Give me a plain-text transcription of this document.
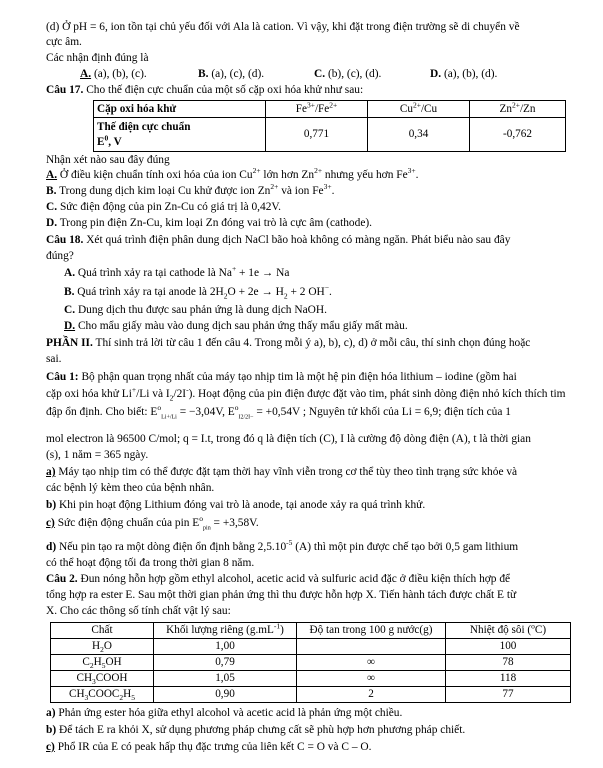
(d) Ở pH = 6, ion tồn tại chủ yếu đối với Ala là cation. Vì vậy, khi đặt trong điện trường sẽ di chuyển về
cực âm.
Các nhận định đúng là
A. (a), (b), (c).	B. (a), (c), (d).	C. (b), (c), (d).	D. (a), (b), (d).
Câu 17. Cho thế điện cực chuẩn của một số cặp oxi hóa khử như sau:
Cặp oxi hóa khử	$Fe^{3+}/Fe^{2+}$	$Cu^{2+}/Cu$	$Zn^{2+}/Zn$
Thế điện cực chuẩn
$E^0$, V	0,771	0,34	-0,762
Nhận xét nào sau đây đúng
A. Ở điều kiện chuẩn tính oxi hóa của ion $Cu^{2+}$ lớn hơn $Zn^{2+}$ nhưng yếu hơn $Fe^{3+}$.
B. Trong dung dịch kim loại Cu khử được ion $Zn^{2+}$ và ion $Fe^{3+}$.
C. Sức điện động của pin Zn-Cu có giá trị là 0,42V.
D. Trong pin điện Zn-Cu, kim loại Zn đóng vai trò là cực âm (cathode).
Câu 18. Xét quá trình điện phân dung dịch NaCl bão hoà không có màng ngăn. Phát biểu nào sau đây
đúng?
A. Quá trình xảy ra tại cathode là Na+ + 1e → Na
B. Quá trình xảy ra tại anode là $2H_2O + 2e \to H_2 + 2$ OH−.
C. Dung dịch thu được sau phản ứng là dung dịch NaOH.
D. Cho mẩu giấy màu vào dung dịch sau phản ứng thấy mẩu giấy mất màu.
PHẦN II. Thí sinh trả lời từ câu 1 đến câu 4. Trong mỗi ý a), b), c), d) ở mỗi câu, thí sinh chọn đúng hoặc
sai.
Câu 1: Bộ phận quan trọng nhất của máy tạo nhịp tim là một hệ pin điện hóa lithium – iodine (gồm hai
cặp oxi hóa khử Li+/Li và $I_2/2I^-$). Hoạt động của pin điện được đặt vào tim, phát sinh dòng điện nhỏ kích thích tim
đập ổn định. Cho biết: $E^o_{Li+/Li} = -3,04V$, $E^o_{I2/2I-} = +0,54V$ ; Nguyên tử khối của Li = 6,9; điện tích của 1
mol electron là 96500 C/mol; q = I.t, trong đó q là điện tích (C), I là cường độ dòng điện (A), t là thời gian
(s), 1 năm = 365 ngày.
a) Máy tạo nhịp tim có thể được đặt tạm thời hay vĩnh viễn trong cơ thể tùy theo tình trạng sức khỏe và
các bệnh lý kèm theo của bệnh nhân.
b) Khi pin hoạt động Lithium đóng vai trò là anode, tại anode xảy ra quá trình khử.
c) Sức điện động chuẩn của pin $E^o_{pin} = +3,58V$.
d) Nếu pin tạo ra một dòng điện ổn định bằng $2,5.10^{-5}$ (A) thì một pin được chế tạo bởi 0,5 gam lithium
có thể hoạt động tối đa trong thời gian 8 năm.
Câu 2. Đun nóng hỗn hợp gồm ethyl alcohol, acetic acid và sulfuric acid đặc ở điều kiện thích hợp để
tổng hợp ra ester E. Sau một thời gian phản ứng thì thu được hỗn hợp X. Tiến hành tách được chất E từ
X. Cho các thông số tính chất vật lý sau:
Chất	Khối lượng riêng $(g.mL^{-1})$	Độ tan trong 100 g nước(g)	Nhiệt độ sôi ($^o$C)
$H_2O$	1,00		100
$C_2H_5OH$	0,79	∞	78
$CH_3COOH$	1,05	∞	118
$CH_3COOC_2H_5$	0,90	2	77
a) Phản ứng ester hóa giữa ethyl alcohol và acetic acid là phản ứng một chiều.
b) Để tách E ra khỏi X, sử dụng phương pháp chưng cất sẽ phù hợp hơn phương pháp chiết.
c) Phổ IR của E có peak hấp thụ đặc trưng của liên kết C = O và C – O.
